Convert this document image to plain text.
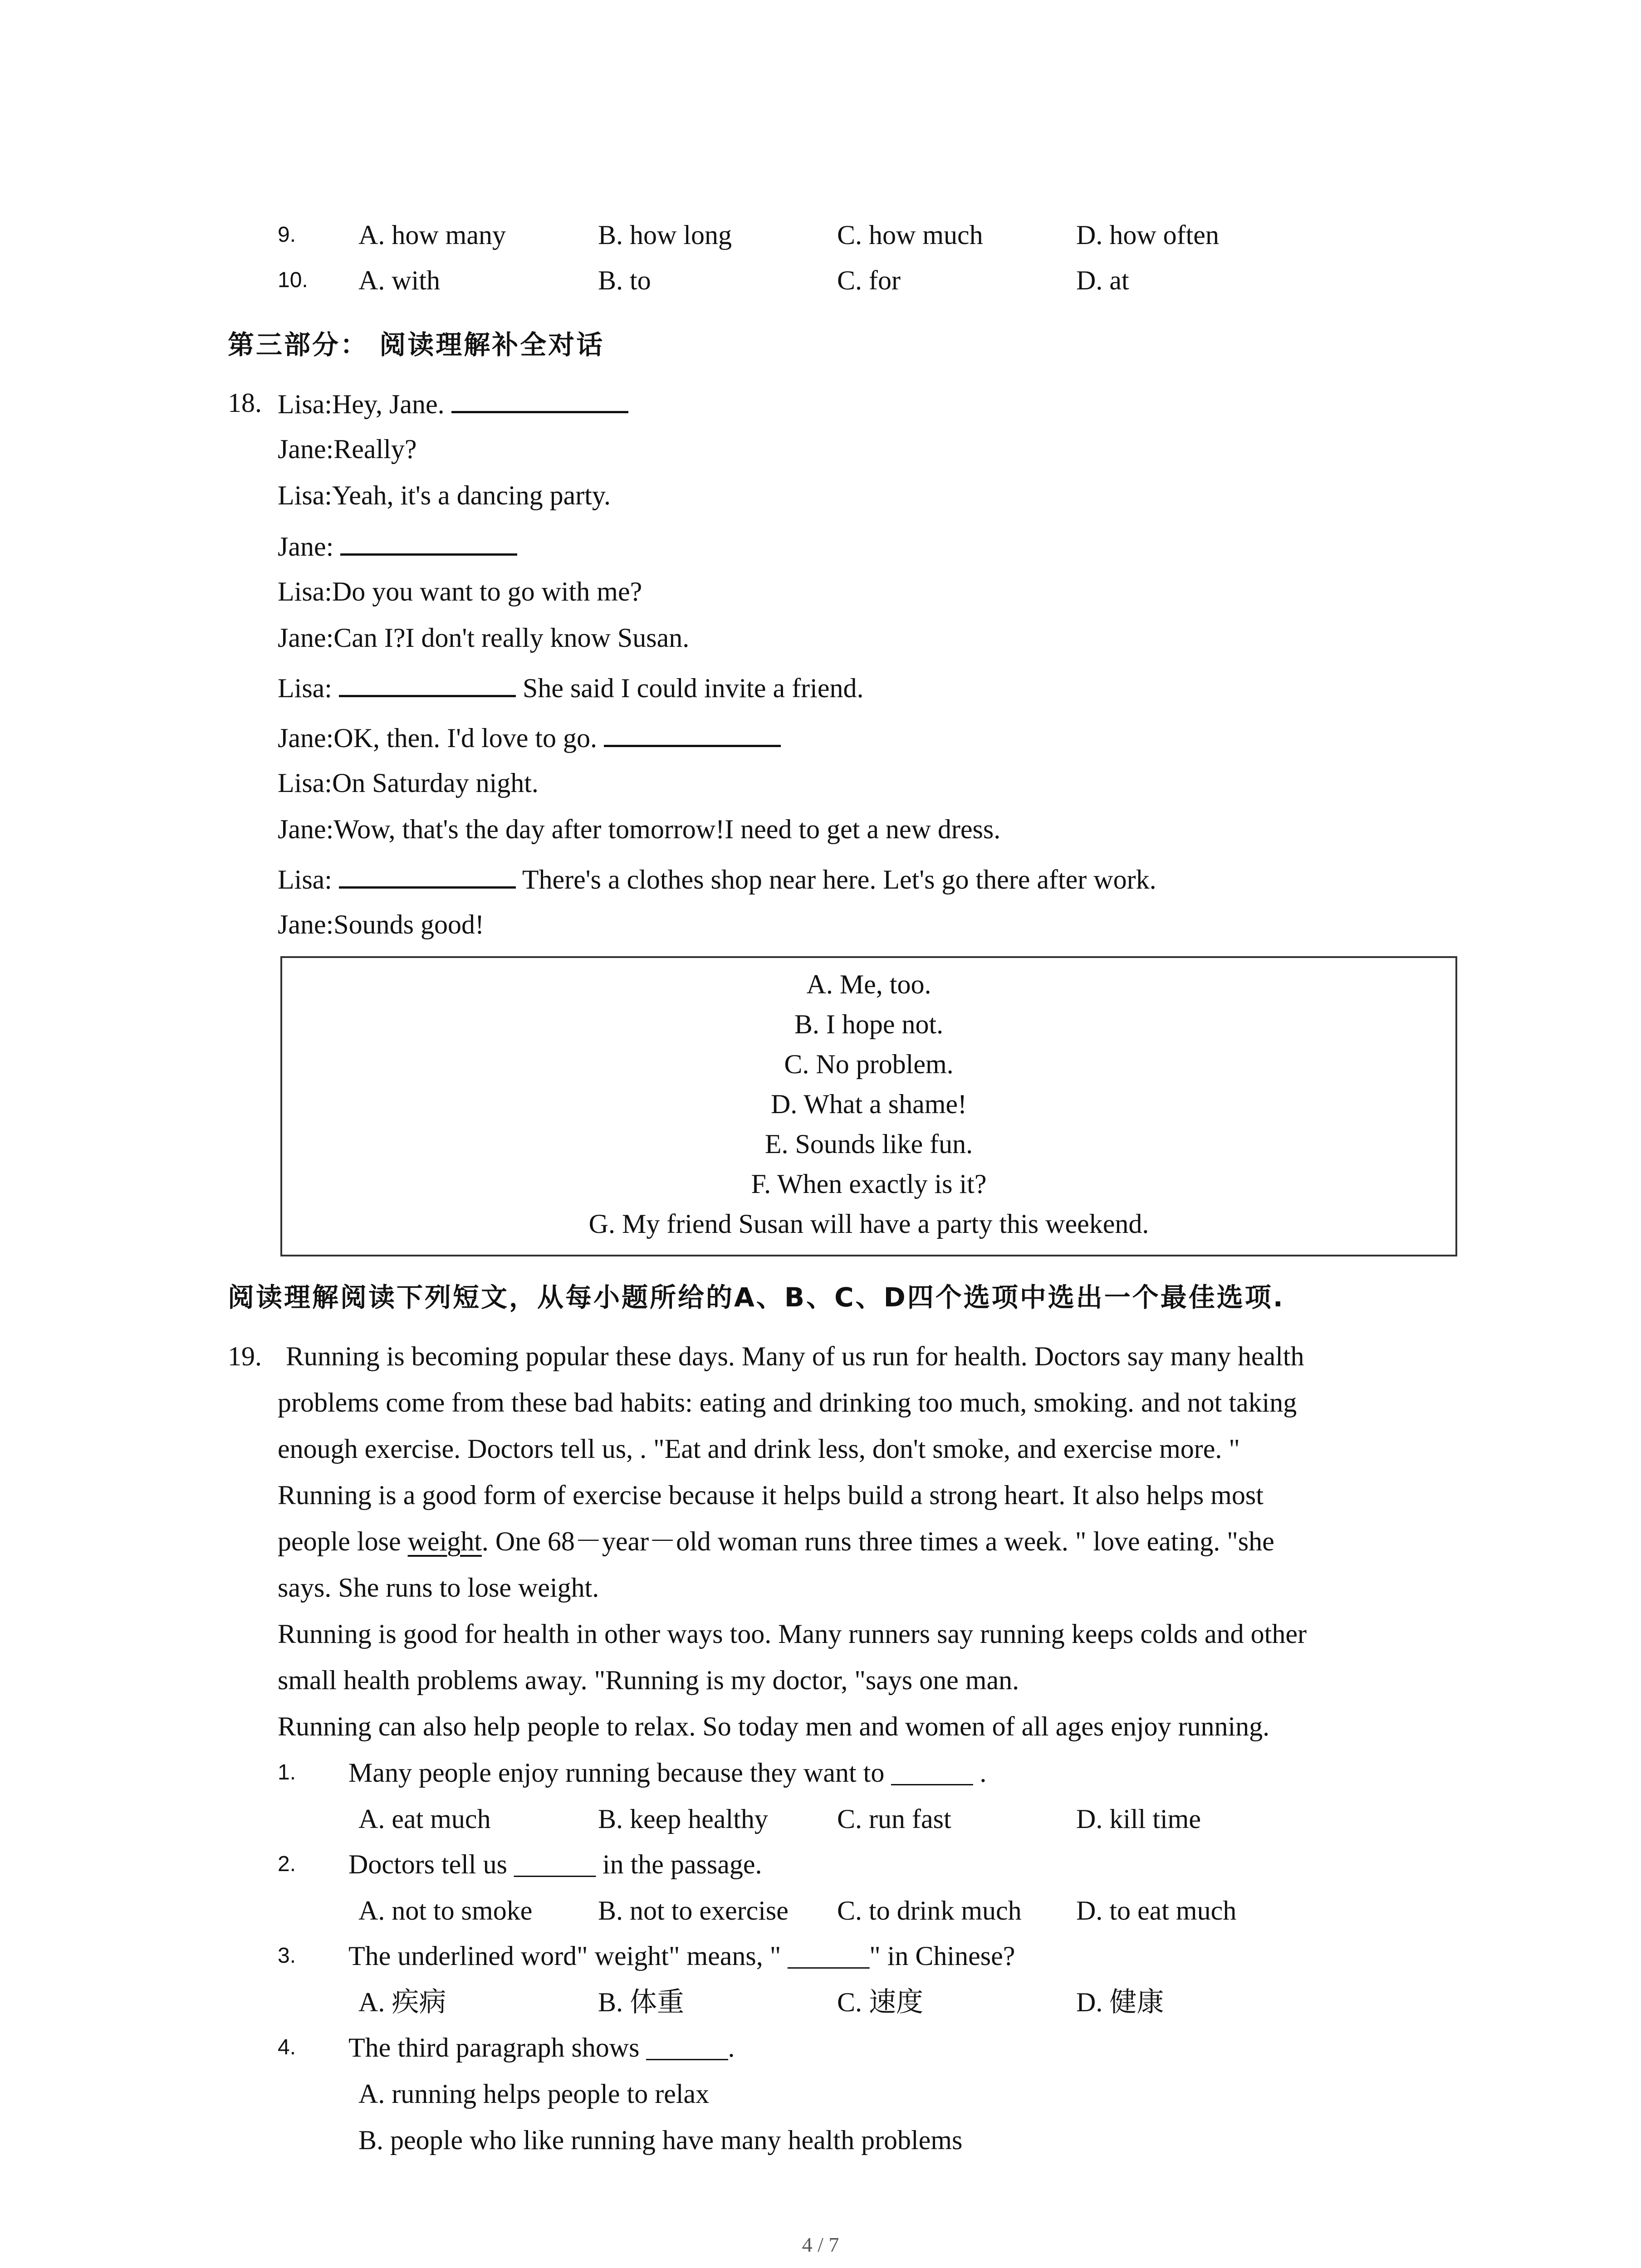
9. A. how many	B. how long	C. how much	D. how often
10. A. with	B. to	C. for	D. at
第三部分： 阅读理解补全对话
18. Lisa:Hey, Jane.
Jane:Really?
Lisa:Yeah, it's a dancing party.
Jane:
Lisa:Do you want to go with me?
Jane:Can I?I don't really know Susan.
Lisa:	She said I could invite a friend.
Jane:OK, then. I'd love to go.
Lisa:On Saturday night.
Jane:Wow, that's the day after tomorrow!I need to get a new dress.
Lisa:	There's a clothes shop near here. Let's go there after work.
Jane:Sounds good!
A. Me, too.
B. I hope not.
C. No problem.
D. What a shame!
E. Sounds like fun.
F. When exactly is it?
G. My friend Susan will have a party this weekend.
阅读理解阅读下列短文，从每小题所给的A、B、C、D四个选项中选出一个最佳选项.
19. Running is becoming popular these days. Many of us run for health. Doctors say many health
problems come from these bad habits: eating and drinking too much, smoking. and not taking
enough exercise. Doctors tell us, . "Eat and drink less, don't smoke, and exercise more. "
Running is a good form of exercise because it helps build a strong heart. It also helps most
people lose weight. One 68－year－old woman runs three times a week. " love eating. "she
says. She runs to lose weight.
Running is good for health in other ways too. Many runners say running keeps colds and other
small health problems away. "Running is my doctor, "says one man.
Running can also help people to relax. So today men and women of all ages enjoy running.
1. Many people enjoy running because they want to ______ .
A. eat much	B. keep healthy	C. run fast	D. kill time
2. Doctors tell us ______ in the passage.
A. not to smoke B. not to exercise C. to drink much D. to eat much
3. The underlined word" weight" means, " ______" in Chinese?
A. 疾病	B. 体重	C. 速度	D. 健康
4. The third paragraph shows ______.
A. running helps people to relax
B. people who like running have many health problems
4 / 7
